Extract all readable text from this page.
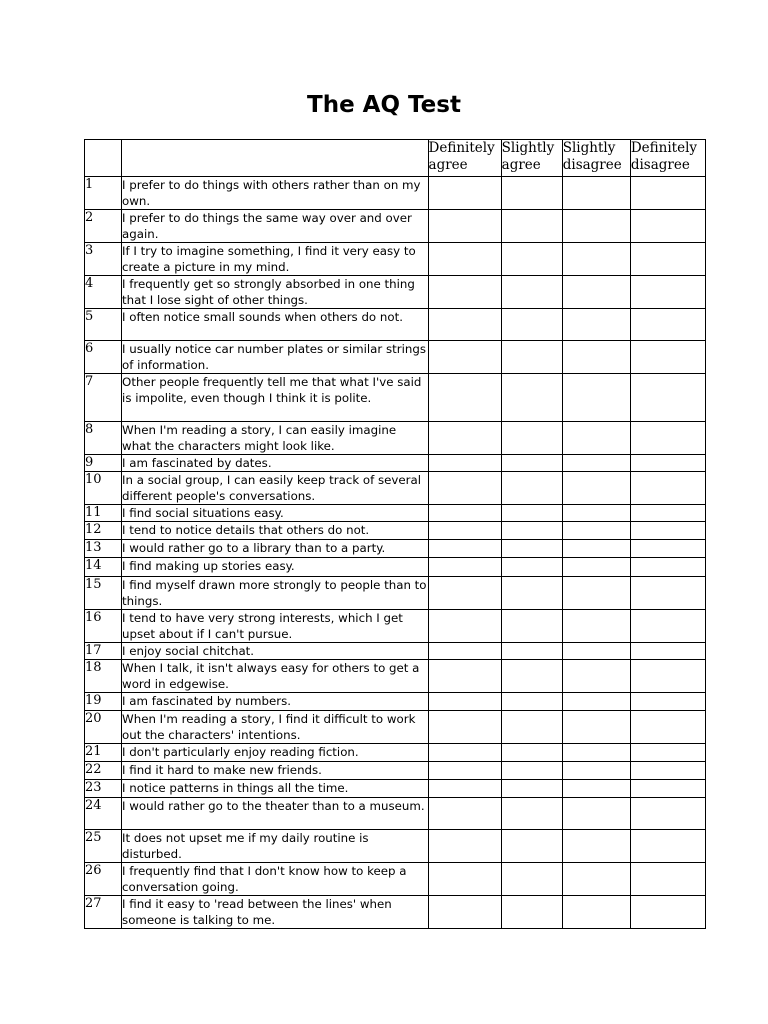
The AQ Test
		Definitely agree	Slightly agree	Slightly disagree	Definitely disagree
1	I prefer to do things with others rather than on my own.				
2	I prefer to do things the same way over and over again.				
3	If I try to imagine something, I find it very easy to create a picture in my mind.				
4	I frequently get so strongly absorbed in one thing that I lose sight of other things.				
5	I often notice small sounds when others do not.				
6	I usually notice car number plates or similar strings of information.				
7	Other people frequently tell me that what I've said is impolite, even though I think it is polite.				
8	When I'm reading a story, I can easily imagine what the characters might look like.				
9	I am fascinated by dates.				
10	In a social group, I can easily keep track of several different people's conversations.				
11	I find social situations easy.				
12	I tend to notice details that others do not.				
13	I would rather go to a library than to a party.				
14	I find making up stories easy.				
15	I find myself drawn more strongly to people than to things.				
16	I tend to have very strong interests, which I get upset about if I can't pursue.				
17	I enjoy social chitchat.				
18	When I talk, it isn't always easy for others to get a word in edgewise.				
19	I am fascinated by numbers.				
20	When I'm reading a story, I find it difficult to work out the characters' intentions.				
21	I don't particularly enjoy reading fiction.				
22	I find it hard to make new friends.				
23	I notice patterns in things all the time.				
24	I would rather go to the theater than to a museum.				
25	It does not upset me if my daily routine is disturbed.				
26	I frequently find that I don't know how to keep a conversation going.				
27	I find it easy to 'read between the lines' when someone is talking to me.				
